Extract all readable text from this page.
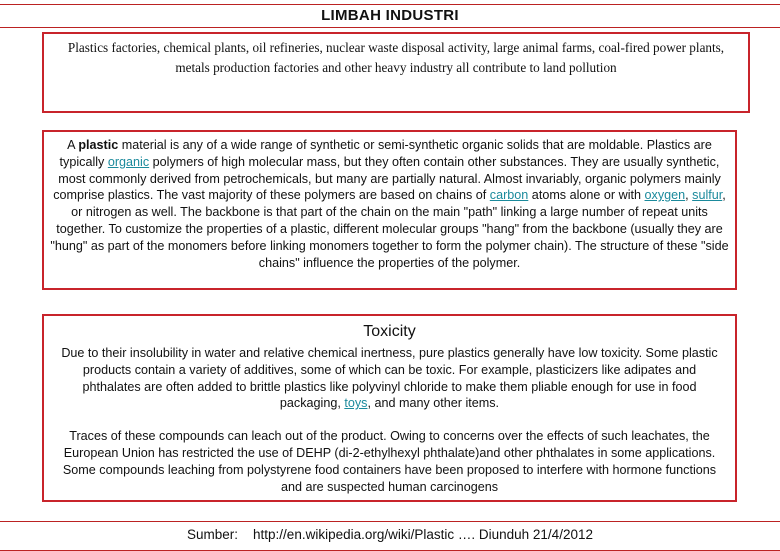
LIMBAH INDUSTRI
Plastics factories, chemical plants, oil refineries, nuclear waste disposal activity, large animal farms, coal-fired power plants, metals production factories and other heavy industry all contribute to land pollution
A plastic material is any of a wide range of synthetic or semi-synthetic organic solids that are moldable. Plastics are typically organic polymers of high molecular mass, but they often contain other substances. They are usually synthetic, most commonly derived from petrochemicals, but many are partially natural. Almost invariably, organic polymers mainly comprise plastics. The vast majority of these polymers are based on chains of carbon atoms alone or with oxygen, sulfur, or nitrogen as well. The backbone is that part of the chain on the main "path" linking a large number of repeat units together. To customize the properties of a plastic, different molecular groups "hang" from the backbone (usually they are "hung" as part of the monomers before linking monomers together to form the polymer chain). The structure of these "side chains" influence the properties of the polymer.
Toxicity

Due to their insolubility in water and relative chemical inertness, pure plastics generally have low toxicity. Some plastic products contain a variety of additives, some of which can be toxic. For example, plasticizers like adipates and phthalates are often added to brittle plastics like polyvinyl chloride to make them pliable enough for use in food packaging, toys, and many other items.

Traces of these compounds can leach out of the product. Owing to concerns over the effects of such leachates, the European Union has restricted the use of DEHP (di-2-ethylhexyl phthalate)and other phthalates in some applications. Some compounds leaching from polystyrene food containers have been proposed to interfere with hormone functions and are suspected human carcinogens

Sumber:    http://en.wikipedia.org/wiki/Plastic …. Diunduh 21/4/2012
